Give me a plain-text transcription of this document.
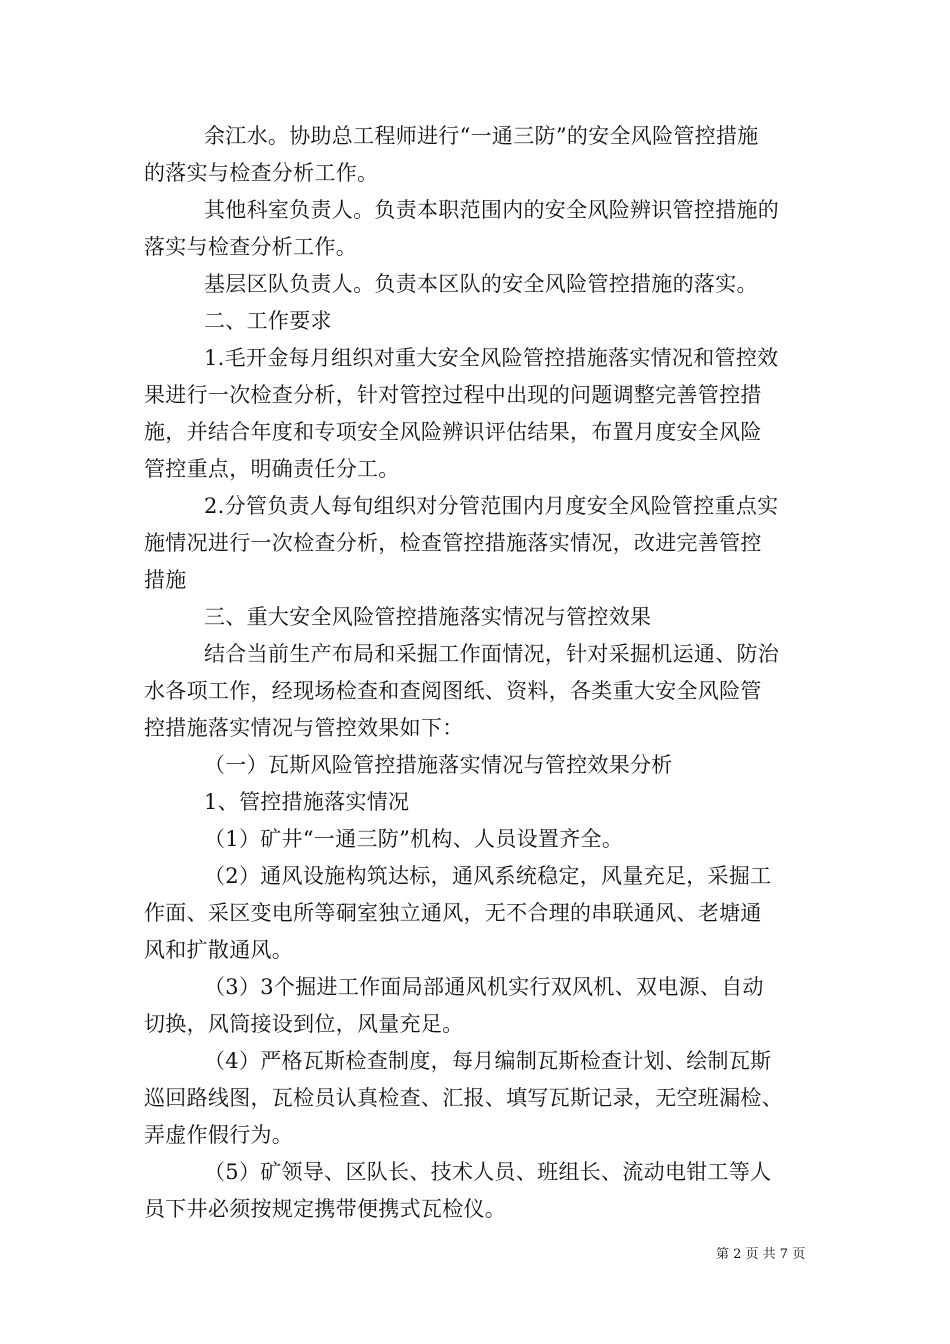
余江水。协助总工程师进行“一通三防”的安全风险管控措施
的落实与检查分析工作。
其他科室负责人。负责本职范围内的安全风险辨识管控措施的
落实与检查分析工作。
基层区队负责人。负责本区队的安全风险管控措施的落实。
二、工作要求
1.毛开金每月组织对重大安全风险管控措施落实情况和管控效
果进行一次检查分析，针对管控过程中出现的问题调整完善管控措
施，并结合年度和专项安全风险辨识评估结果，布置月度安全风险
管控重点，明确责任分工。
2.分管负责人每旬组织对分管范围内月度安全风险管控重点实
施情况进行一次检查分析，检查管控措施落实情况，改进完善管控
措施
三、重大安全风险管控措施落实情况与管控效果
结合当前生产布局和采掘工作面情况，针对采掘机运通、防治
水各项工作，经现场检查和查阅图纸、资料，各类重大安全风险管
控措施落实情况与管控效果如下：
（一）瓦斯风险管控措施落实情况与管控效果分析
1、管控措施落实情况
（1）矿井“一通三防”机构、人员设置齐全。
（2）通风设施构筑达标，通风系统稳定，风量充足，采掘工
作面、采区变电所等硐室独立通风，无不合理的串联通风、老塘通
风和扩散通风。
（3）3个掘进工作面局部通风机实行双风机、双电源、自动
切换，风筒接设到位，风量充足。
（4）严格瓦斯检查制度，每月编制瓦斯检查计划、绘制瓦斯
巡回路线图，瓦检员认真检查、汇报、填写瓦斯记录，无空班漏检、
弄虚作假行为。
（5）矿领导、区队长、技术人员、班组长、流动电钳工等人
员下井必须按规定携带便携式瓦检仪。
第 2 页 共 7 页
